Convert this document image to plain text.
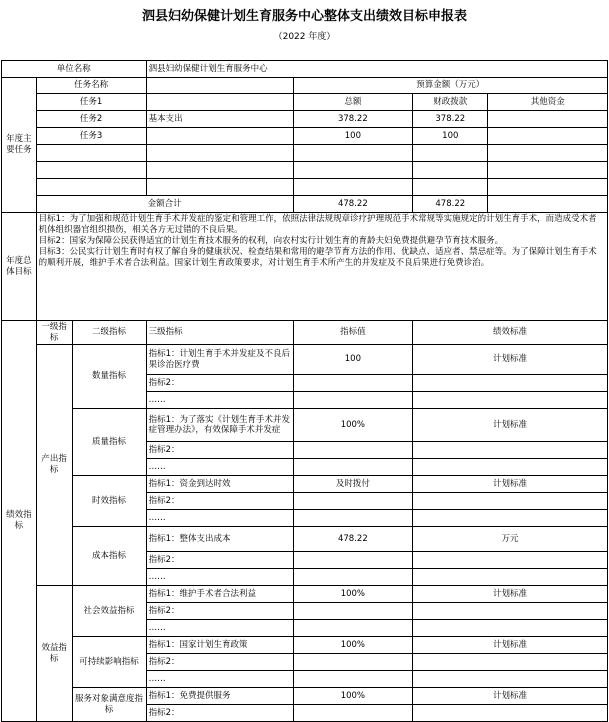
泗县妇幼保健计划生育服务中心整体支出绩效目标申报表
（2022 年度）
单位名称			泗县妇幼保健计划生育服务中心			
年度主要任务	任务名称			预算金额（万元）		
	任务1			总额	财政拨款	其他资金
	任务2		基本支出	378.22	378.22	
	任务3			100	100	

	金额合计			478.22	478.22	
年度总体目标	目标1：为了加强和规范计划生育手术并发症的鉴定和管理工作，依照法律法规规章诊疗护理规范手术常规等实施规定的计划生育手术，而造成受术者机体组织器官组织损伤，相关各方无过错的不良后果。
目标2：国家为保障公民获得适宜的计划生育技术服务的权利，向农村实行计划生育的育龄夫妇免费提供避孕节育技术服务。
目标3：公民实行计划生育时有权了解自身的健康状况、检查结果和常用的避孕节育方法的作用、优缺点、适应者、禁忌症等。为了保障计划生育手术的顺利开展，维护手术者合法利益。国家计划生育政策要求，对计划生育手术所产生的并发症及不良后果进行免费诊治。					

绩效指标	一级指标	二级指标	三级指标	指标值	绩效标准	
	产出指标	数量指标	指标1：计划生育手术并发症及不良后果诊治医疗费	100	计划标准	
			指标2：			
			……			
		质量指标	指标1：为了落实《计划生育手术并发症管理办法》，有效保障手术并发症	100%	计划标准	
			指标2：			
			……			
		时效指标	指标1：资金到达时效	及时拨付	计划标准	
			指标2：			
			……			
		成本指标	指标1：整体支出成本	478.22	万元	
			指标2：			
			……			
	效益指标	社会效益指标	指标1：维护手术者合法利益	100%	计划标准	
			指标2：			
			……			
		可持续影响指标	指标1：国家计划生育政策	100%	计划标准	
			指标2：			
			……			
		服务对象满意度指标	指标1：免费提供服务	100%	计划标准	
			指标2：			
